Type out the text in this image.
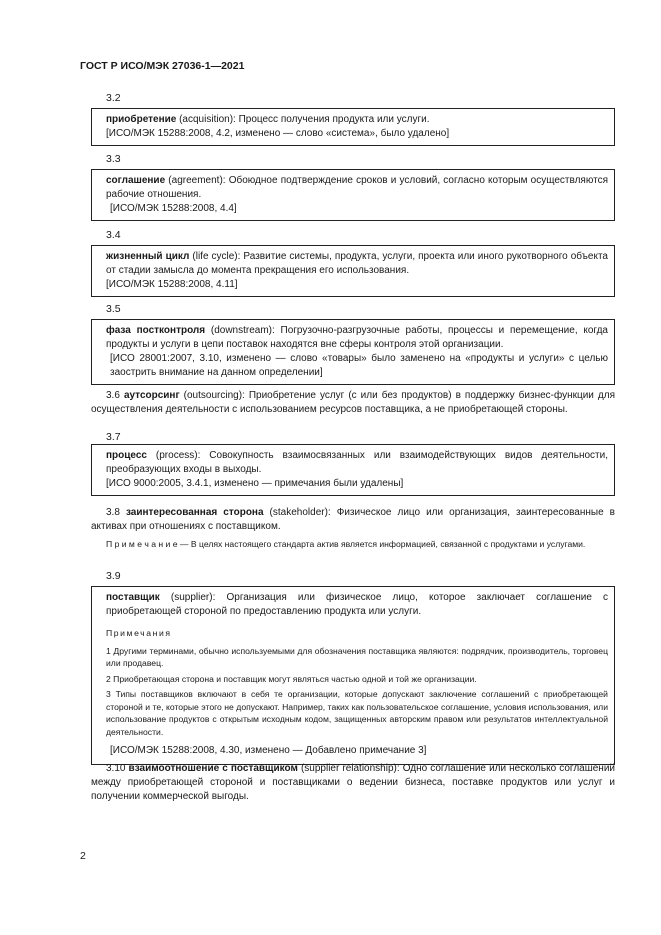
ГОСТ Р ИСО/МЭК 27036-1—2021
3.2

приобретение (acquisition): Процесс получения продукта или услуги.

[ИСО/МЭК 15288:2008, 4.2, изменено — слово «система», было удалено]

3.3

соглашение (agreement): Обоюдное подтверждение сроков и условий, согласно которым осуществляются рабочие отношения.

[ИСО/МЭК 15288:2008, 4.4]

3.4

жизненный цикл (life cycle): Развитие системы, продукта, услуги, проекта или иного рукотворного объекта от стадии замысла до момента прекращения его использования.

[ИСО/МЭК 15288:2008, 4.11]

3.5

фаза постконтроля (downstream): Погрузочно-разгрузочные работы, процессы и перемещение, когда продукты и услуги в цепи поставок находятся вне сферы контроля этой организации.

[ИСО 28001:2007, 3.10, изменено — слово «товары» было заменено на «продукты и услуги» с целью заострить внимание на данном определении]

3.6 аутсорсинг (outsourcing): Приобретение услуг (с или без продуктов) в поддержку бизнес-функции для осуществления деятельности с использованием ресурсов поставщика, а не приобретающей стороны.

3.7

процесс (process): Совокупность взаимосвязанных или взаимодействующих видов деятельности, преобразующих входы в выходы.

[ИСО 9000:2005, 3.4.1, изменено — примечания были удалены]

3.8 заинтересованная сторона (stakeholder): Физическое лицо или организация, заинтересованные в активах при отношениях с поставщиком.

П р и м е ч а н и е — В целях настоящего стандарта актив является информацией, связанной с продуктами и услугами.
3.9

поставщик (supplier): Организация или физическое лицо, которое заключает соглашение с приобретающей стороной по предоставлению продукта или услуги.

Примечания

1 Другими терминами, обычно используемыми для обозначения поставщика являются: подрядчик, производитель, торговец или продавец.

2 Приобретающая сторона и поставщик могут являться частью одной и той же организации.

3 Типы поставщиков включают в себя те организации, которые допускают заключение соглашений с приобретающей стороной и те, которые этого не допускают. Например, таких как пользовательское соглашение, условия использования, или использование продуктов с открытым исходным кодом, защищенных авторским правом или результатов интеллектуальной деятельности.

[ИСО/МЭК 15288:2008, 4.30, изменено — Добавлено примечание 3]

3.10 взаимоотношение с поставщиком (supplier relationship): Одно соглашение или несколько соглашений между приобретающей стороной и поставщиками о ведении бизнеса, поставке продуктов или услуг и получении коммерческой выгоды.

2
